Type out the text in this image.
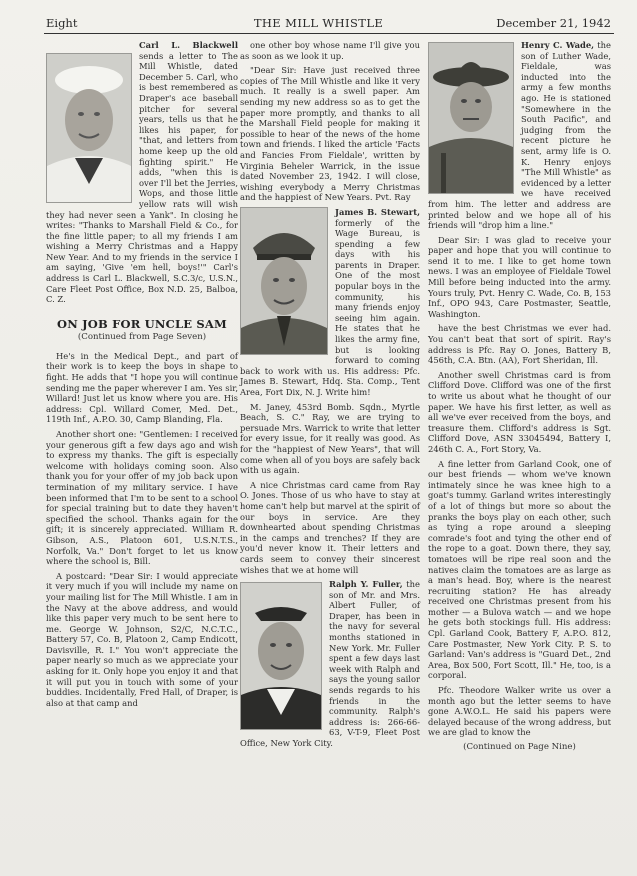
Eight	THE MILL WHISTLE	December 21, 1942

Carl L. Blackwell sends a letter to The Mill Whistle, dated December 5. Carl, who is best remembered as Draper's ace baseball pitcher for several years, tells us that he likes his paper, for "that, and letters from home keep up the old fighting spirit." He adds, "when this is over I'll bet the Jerries, Wops, and those little yellow rats will wish they had never seen a Yank". In closing he writes: "Thanks to Marshall Field & Co., for the fine little paper; to all my friends I am wishing a Merry Christmas and a Happy New Year. And to my friends in the service I am saying, 'Give 'em hell, boys!'" Carl's address is Carl L. Blackwell, S.C.3/c, U.S.N., Care Fleet Post Office, Box N.D. 25, Balboa, C. Z.

ON JOB FOR UNCLE SAM
(Continued from Page Seven)

He's in the Medical Dept., and part of their work is to keep the boys in shape to fight. He adds that "I hope you will continue sending me the paper wherever I am. Yes sir, Willard! Just let us know where you are. His address: Cpl. Willard Comer, Med. Det., 119th Inf., A.P.O. 30, Camp Blanding, Fla.

Another short one: "Gentlemen: I received your generous gift a few days ago and wish to express my thanks. The gift is especially welcome with holidays coming soon. Also thank you for your offer of my job back upon termination of my military service. I have been informed that I'm to be sent to a school for special training but to date they haven't specified the school. Thanks again for the gift; it is sincerely appreciated. William R. Gibson, A.S., Platoon 601, U.S.N.T.S., Norfolk, Va." Don't forget to let us know where the school is, Bill.

A postcard: "Dear Sir: I would appreciate it very much if you will include my name on your mailing list for The Mill Whistle. I am in the Navy at the above address, and would like this paper very much to be sent here to me. George W. Johnson, S2/C, N.C.T.C., Battery 57, Co. B, Platoon 2, Camp Endicott, Davisville, R. I." You won't appreciate the paper nearly so much as we appreciate your asking for it. Only hope you enjoy it and that it will put you in touch with some of your buddies. Incidentally, Fred Hall, of Draper, is also at that camp and

one other boy whose name I'll give you as soon as we look it up.

"Dear Sir: Have just received three copies of The Mill Whistle and like it very much. It really is a swell paper. Am sending my new address so as to get the paper more promptly, and thanks to all the Marshall Field people for making it possible to hear of the news of the home town and friends. I liked the article 'Facts and Fancies From Fieldale', written by Virginia Beheler Warrick, in the issue dated November 23, 1942. I will close, wishing everybody a Merry Christmas and the happiest of New Years. Pvt. Ray

James B. Stewart, formerly of the Wage Bureau, is spending a few days with his parents in Draper. One of the most popular boys in the community, his many friends enjoy seeing him again. He states that he likes the army fine, but is looking forward to coming back to work with us. His address: Pfc. James B. Stewart, Hdq. Sta. Comp., Tent Area, Fort Dix, N. J. Write him!

M. Janey, 453rd Bomb. Sqdn., Myrtle Beach, S. C." Ray, we are trying to persuade Mrs. Warrick to write that letter for every issue, for it really was good. As for the "happiest of New Years", that will come when all of you boys are safely back with us again.

A nice Christmas card came from Ray O. Jones. Those of us who have to stay at home can't help but marvel at the spirit of our boys in service. Are they downhearted about spending Christmas in the camps and trenches? If they are you'd never know it. Their letters and cards seem to convey their sincerest wishes that we at home will

Ralph Y. Fuller, the son of Mr. and Mrs. Albert Fuller, of Draper, has been in the navy for several months stationed in New York. Mr. Fuller spent a few days last week with Ralph and says the young sailor sends regards to his friends in the community. Ralph's address is: 266-66-63, V-T-9, Fleet Post Office, New York City.

Henry C. Wade, the son of Luther Wade, Fieldale, was inducted into the army a few months ago. He is stationed "Somewhere in the South Pacific", and judging from the recent picture he sent, army life is O. K. Henry enjoys "The Mill Whistle" as evidenced by a letter we have received from him. The letter and address are printed below and we hope all of his friends will "drop him a line."

Dear Sir: I was glad to receive your paper and hope that you will continue to send it to me. I like to get home town news. I was an employee of Fieldale Towel Mill before being inducted into the army. Yours truly, Pvt. Henry C. Wade, Co. B, 153 Inf., OPO 943, Care Postmaster, Seattle, Washington.

have the best Christmas we ever had. You can't beat that sort of spirit. Ray's address is Pfc. Ray O. Jones, Battery B, 456th, C.A. Btn. (AA), Fort Sheridan, Ill.

Another swell Christmas card is from Clifford Dove. Clifford was one of the first to write us about what he thought of our paper. We have his first letter, as well as all we've ever received from the boys, and treasure them. Clifford's address is Sgt. Clifford Dove, ASN 33045494, Battery I, 246th C. A., Fort Story, Va.

A fine letter from Garland Cook, one of our best friends — whom we've known intimately since he was knee high to a goat's tummy. Garland writes interestingly of a lot of things but more so about the pranks the boys play on each other, such as tying a rope around a sleeping comrade's foot and tying the other end of the rope to a goat. Down there, they say, tomatoes will be ripe real soon and the natives claim the tomatoes are as large as a man's head. Boy, where is the nearest recruiting station? He has already received one Christmas present from his mother — a Bulova watch — and we hope he gets both stockings full. His address: Cpl. Garland Cook, Battery F, A.P.O. 812, Care Postmaster, New York City. P. S. to Garland: Van's address is "Guard Det., 2nd Area, Box 500, Fort Scott, Ill." He, too, is a corporal.

Pfc. Theodore Walker write us over a month ago but the letter seems to have gone A.W.O.L. He said his papers were delayed because of the wrong address, but we are glad to know the

(Continued on Page Nine)
